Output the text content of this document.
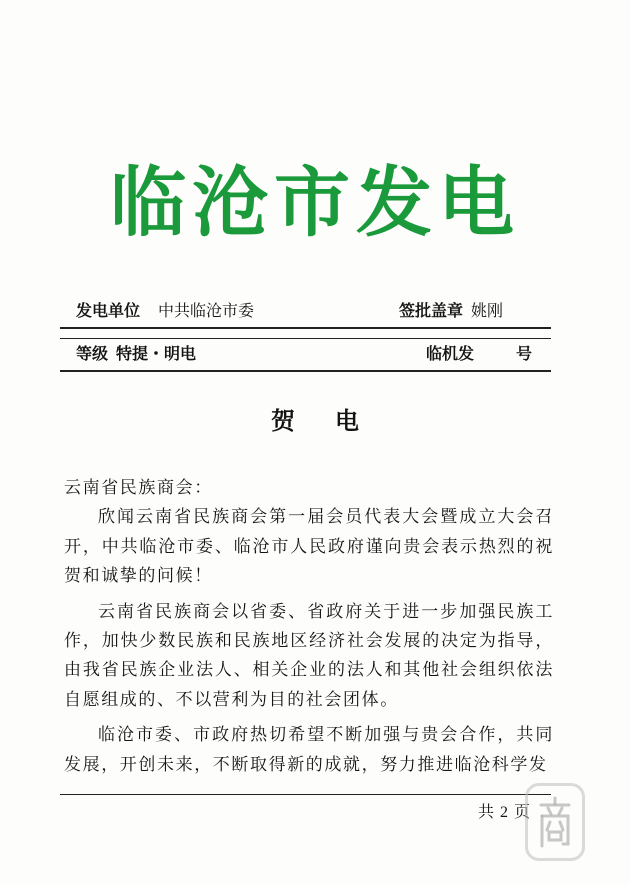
临沧市发电
发电单位 中共临沧市委	签批盖章 姚刚
等级 特提・明电	临机发	号
贺 电

云南省民族商会：

欣闻云南省民族商会第一届会员代表大会暨成立大会召开，中共临沧市委、临沧市人民政府谨向贵会表示热烈的祝贺和诚挚的问候！

云南省民族商会以省委、省政府关于进一步加强民族工作，加快少数民族和民族地区经济社会发展的决定为指导，由我省民族企业法人、相关企业的法人和其他社会组织依法自愿组成的、不以营利为目的社会团体。

临沧市委、市政府热切希望不断加强与贵会合作，共同发展，开创未来，不断取得新的成就，努力推进临沧科学发

共 2 页
